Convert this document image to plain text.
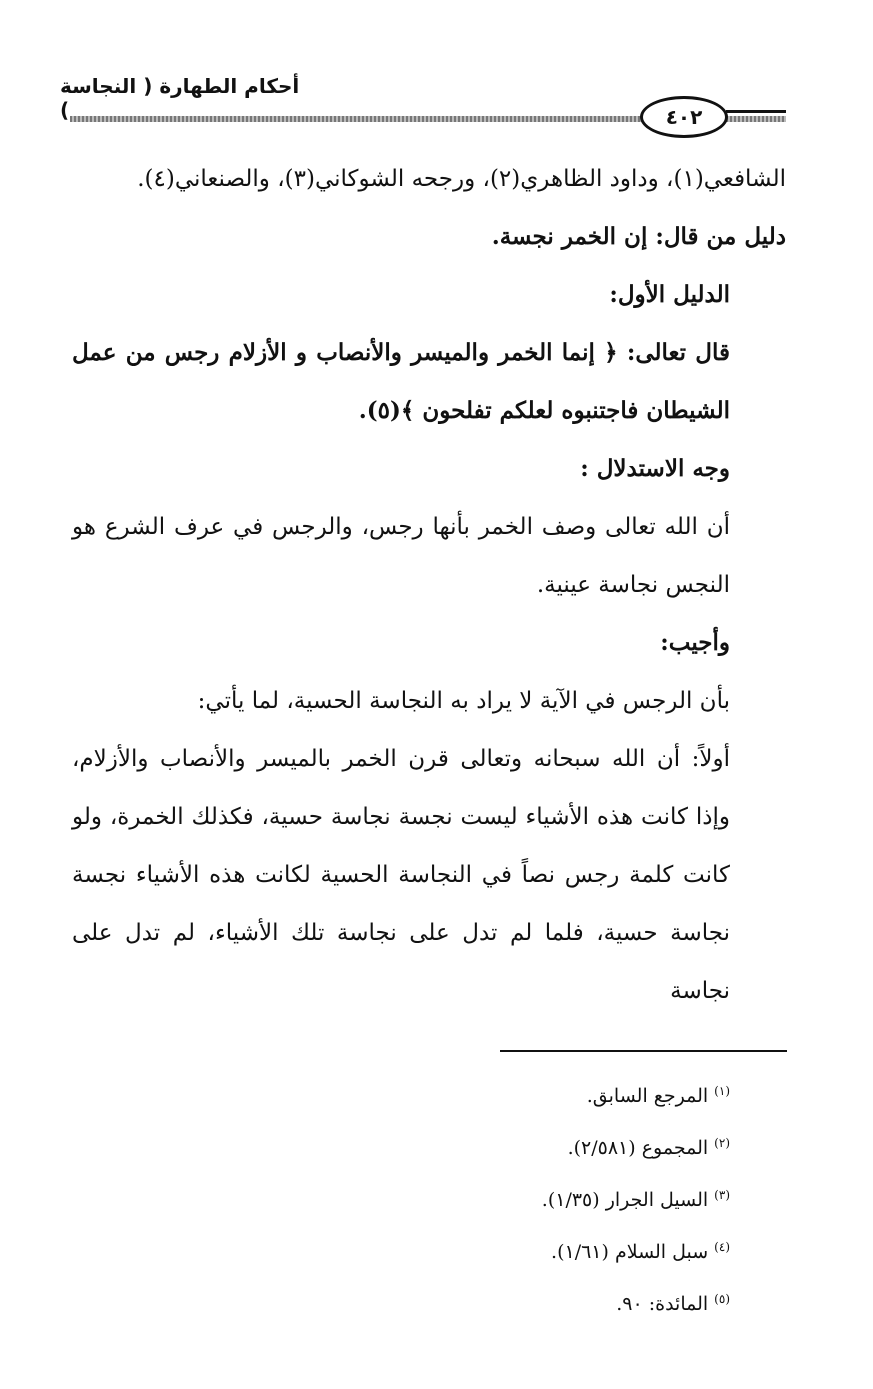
أحكام الطهارة ( النجاسة )	٤٠٢

الشافعي(١)، وداود الظاهري(٢)، ورجحه الشوكاني(٣)، والصنعاني(٤).

دليل من قال: إن الخمر نجسة.

الدليل الأول:

قال تعالى: ﴿ إنما الخمر والميسر والأنصاب و الأزلام رجس من عمل الشيطان فاجتنبوه لعلكم تفلحون ﴾(٥).

وجه الاستدلال :

أن الله تعالى وصف الخمر بأنها رجس، والرجس في عرف الشرع هو النجس نجاسة عينية.

وأجيب:

بأن الرجس في الآية لا يراد به النجاسة الحسية، لما يأتي:

أولاً: أن الله سبحانه وتعالى قرن الخمر بالميسر والأنصاب والأزلام، وإذا كانت هذه الأشياء ليست نجسة نجاسة حسية، فكذلك الخمرة، ولو كانت كلمة رجس نصاً في النجاسة الحسية لكانت هذه الأشياء نجسة نجاسة حسية، فلما لم تدل على نجاسة تلك الأشياء، لم تدل على نجاسة

$^{(١)}$المرجع السابق.
$^{(٢)}$المجموع (٢/٥٨١).
$^{(٣)}$السيل الجرار (١/٣٥).
$^{(٤)}$سبل السلام (١/٦١).
$^{(٥)}$المائدة: ٩٠.
